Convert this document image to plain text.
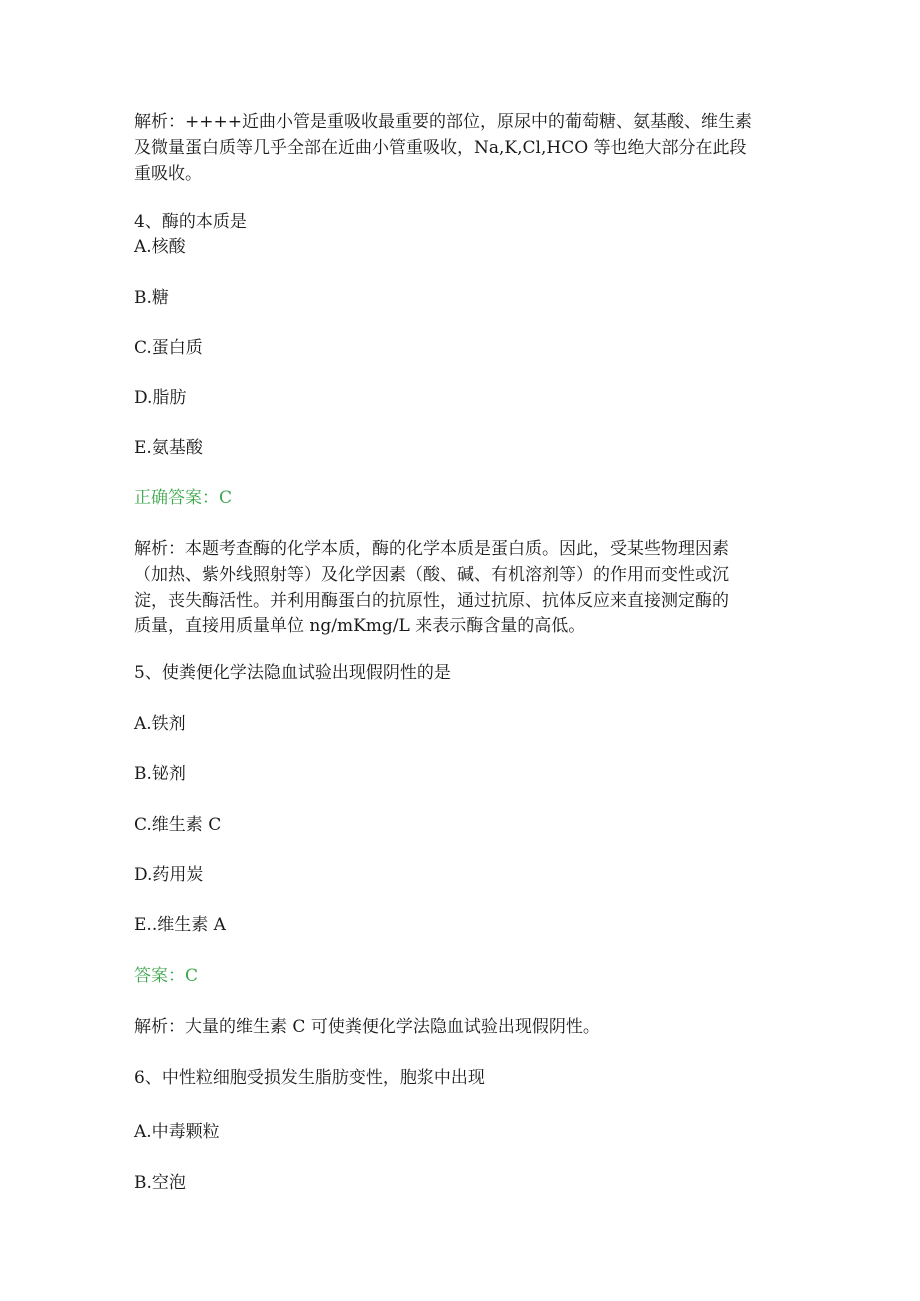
解析：++++近曲小管是重吸收最重要的部位，原尿中的葡萄糖、氨基酸、维生素
及微量蛋白质等几乎全部在近曲小管重吸收，Na,K,Cl,HCO 等也绝大部分在此段
重吸收。
4、酶的本质是
A.核酸
B.糖
C.蛋白质
D.脂肪
E.氨基酸
正确答案：C
解析：本题考查酶的化学本质，酶的化学本质是蛋白质。因此，受某些物理因素
（加热、紫外线照射等）及化学因素（酸、碱、有机溶剂等）的作用而变性或沉
淀，丧失酶活性。并利用酶蛋白的抗原性，通过抗原、抗体反应来直接测定酶的
质量，直接用质量单位 ng/mKmg/L 来表示酶含量的高低。
5、使粪便化学法隐血试验出现假阴性的是
A.铁剂
B.铋剂
C.维生素 C
D.药用炭
E..维生素 A
答案：C
解析：大量的维生素 C 可使粪便化学法隐血试验出现假阴性。
6、中性粒细胞受损发生脂肪变性，胞浆中出现
A.中毒颗粒
B.空泡
